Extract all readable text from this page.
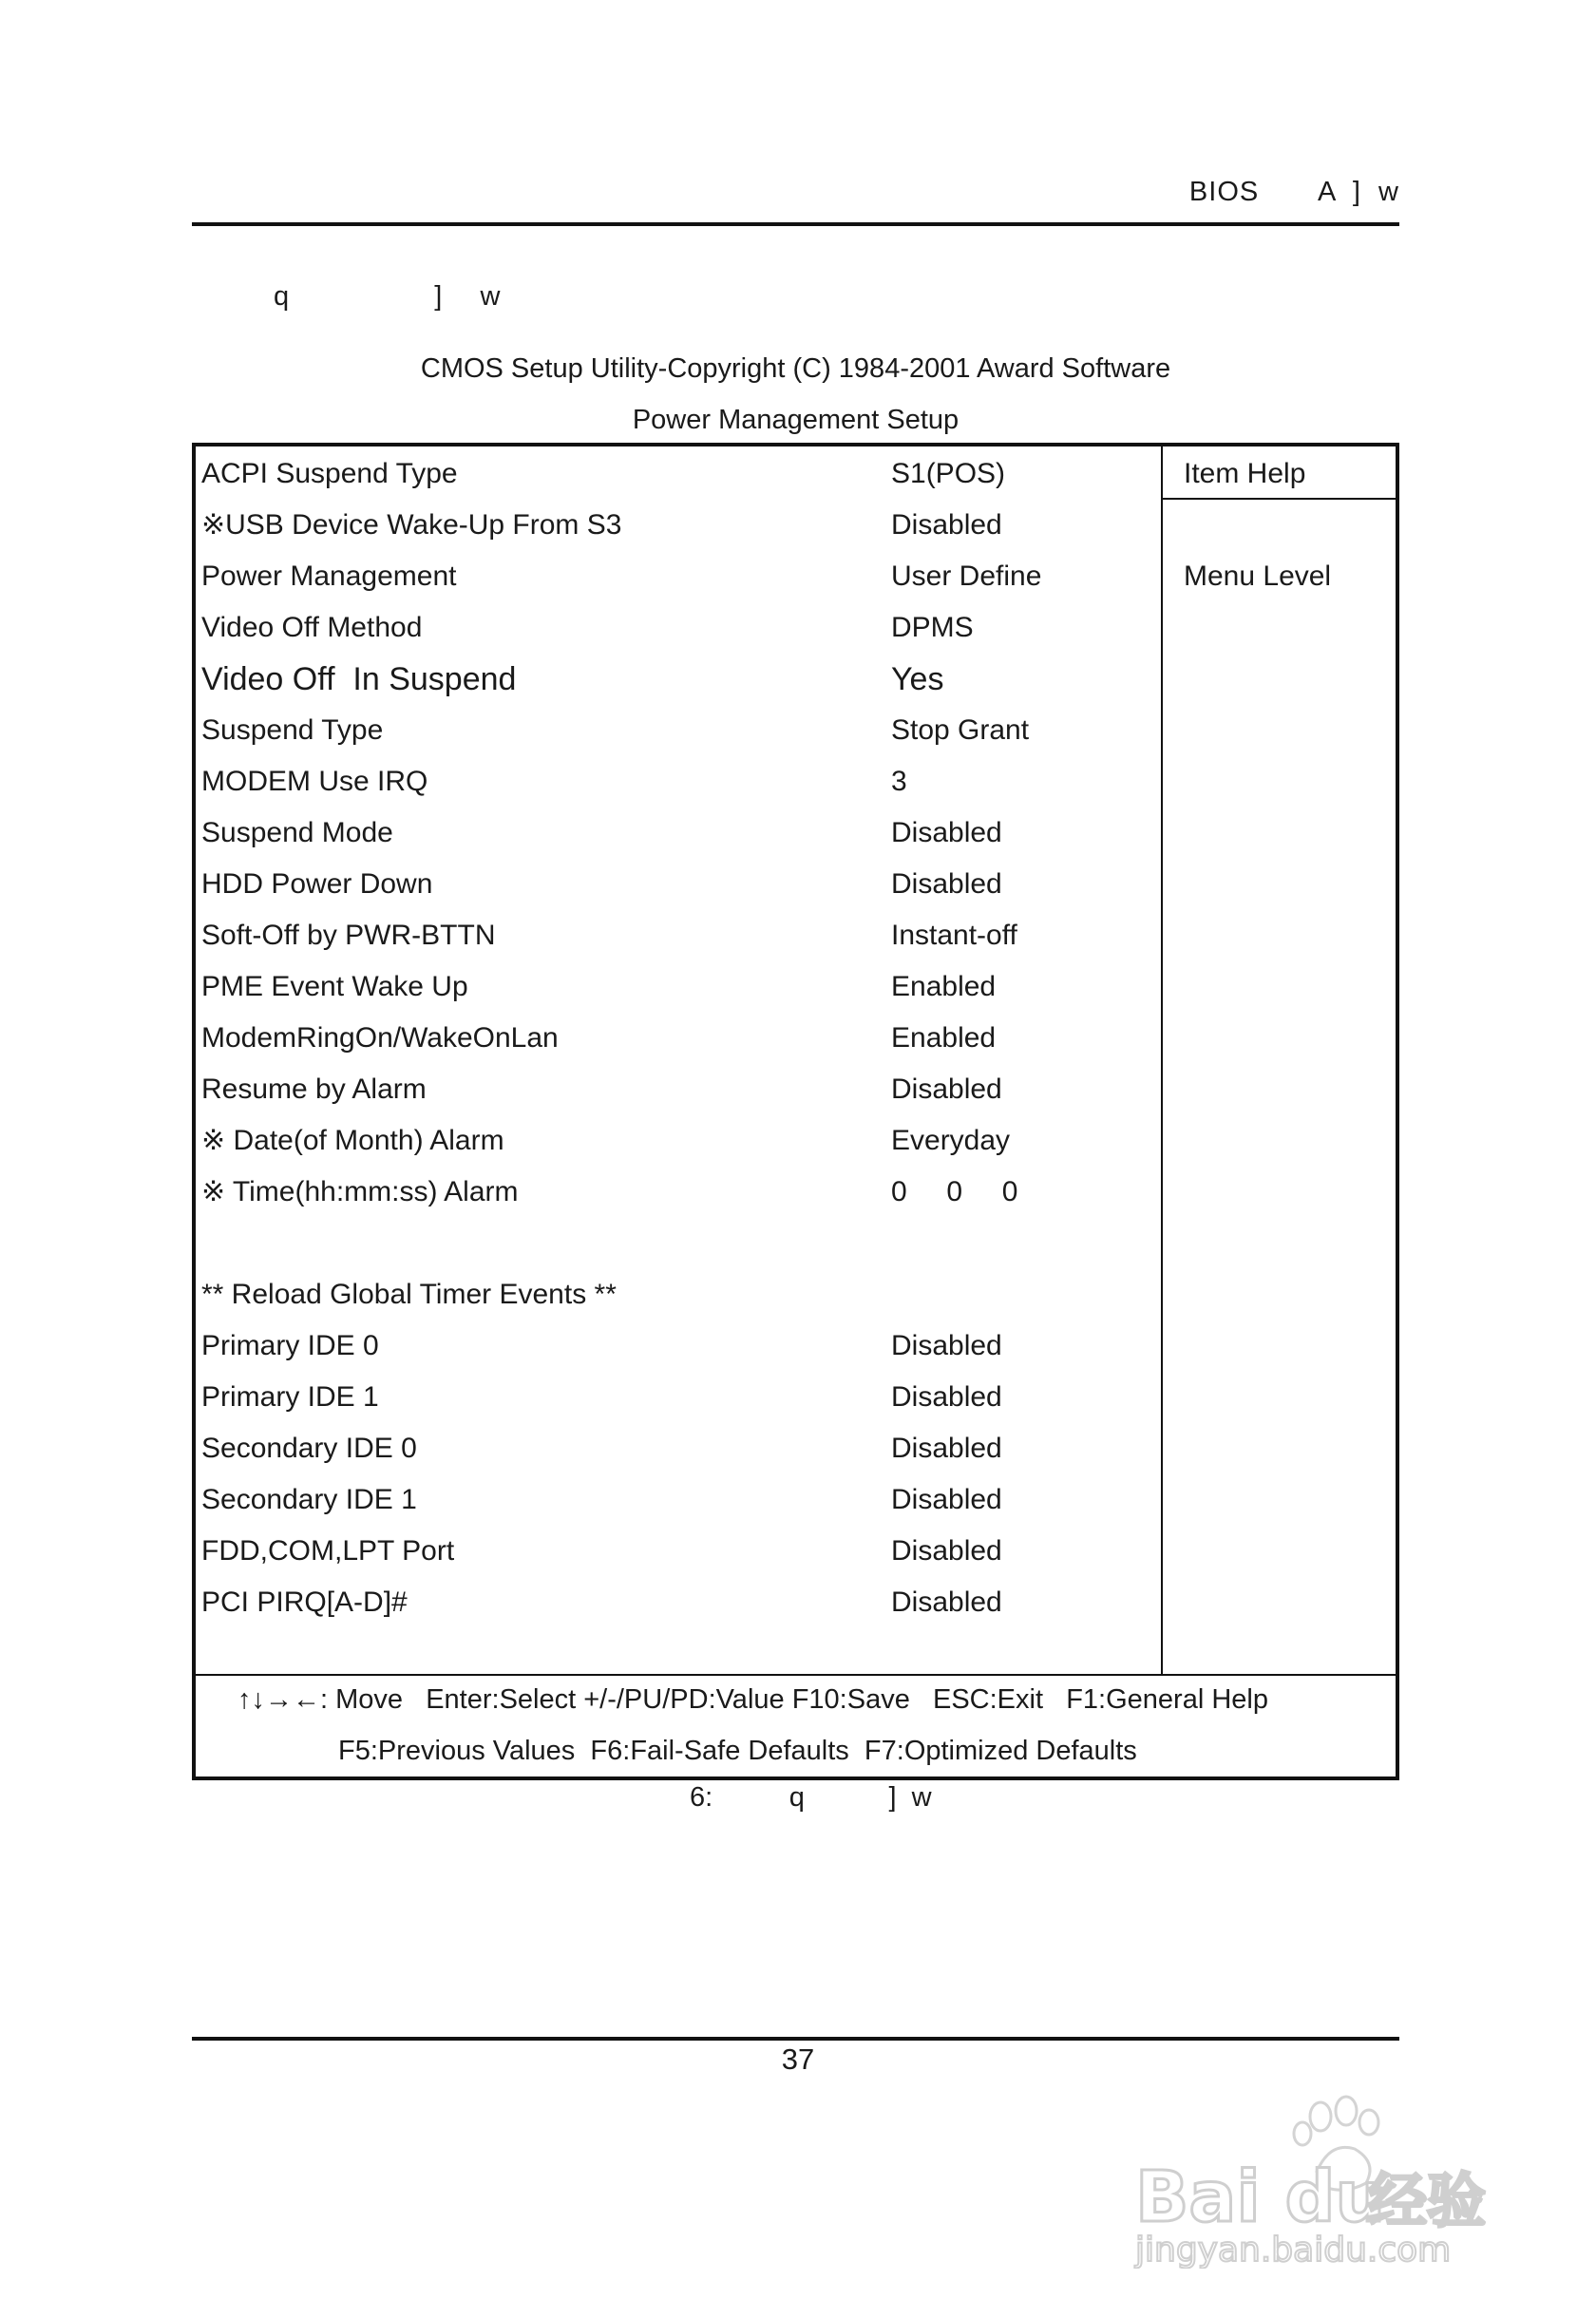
BIOS       A  ]  w
q                   ]     w
CMOS Setup Utility-Copyright (C) 1984-2001 Award Software
Power Management Setup
ACPI Suspend Type	S1(POS)
※USB Device Wake-Up From S3	Disabled
Power Management	User Define
Video Off Method	DPMS
Video Off  In Suspend	Yes
Suspend Type	Stop Grant
MODEM Use IRQ	3
Suspend Mode	Disabled
HDD Power Down	Disabled
Soft-Off by PWR-BTTN	Instant-off
PME Event Wake Up	Enabled
ModemRingOn/WakeOnLan	Enabled
Resume by Alarm	Disabled
※ Date(of Month) Alarm	Everyday
※ Time(hh:mm:ss) Alarm	0     0     0
** Reload Global Timer Events **
Primary IDE 0	Disabled
Primary IDE 1	Disabled
Secondary IDE 0	Disabled
Secondary IDE 1	Disabled
FDD,COM,LPT Port	Disabled
PCI PIRQ[A-D]#	Disabled
Item Help
Menu Level
↑↓→←: Move   Enter:Select +/-/PU/PD:Value F10:Save   ESC:Exit   F1:General Help
F5:Previous Values  F6:Fail-Safe Defaults  F7:Optimized Defaults
6:          q           ]  w
37
Bai du
经验
jingyan.baidu.com
